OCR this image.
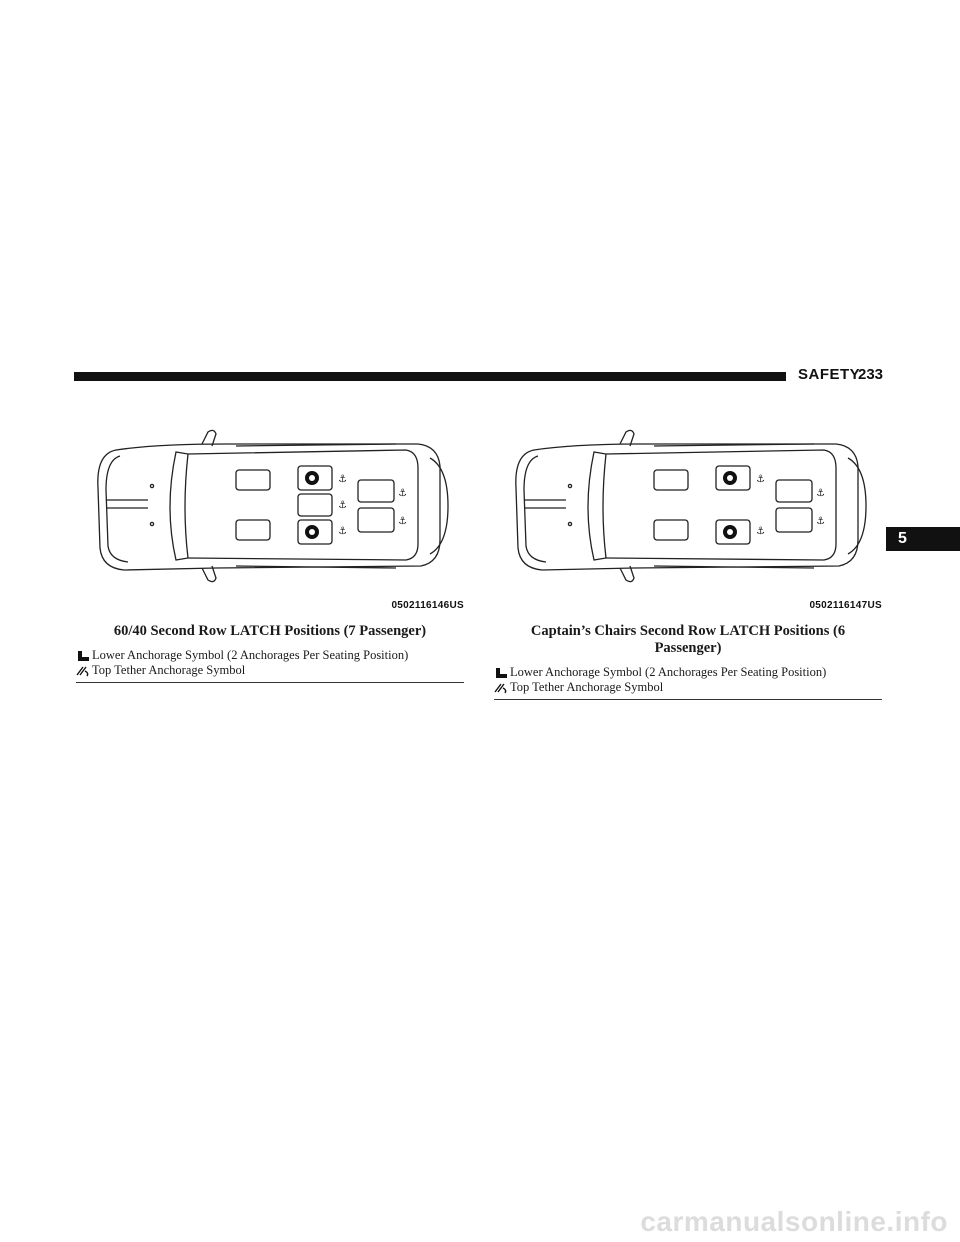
SAFETY
233
5
⚓
⚓
⚓
⚓
⚓
0502116146US
60/40 Second Row LATCH Positions (7 Passenger)
Lower Anchorage Symbol (2 Anchorages Per Seating Position)
Top Tether Anchorage Symbol
⚓
⚓
⚓
⚓
0502116147US
Captain’s Chairs Second Row LATCH Positions (6 Passenger)
Lower Anchorage Symbol (2 Anchorages Per Seating Position)
Top Tether Anchorage Symbol
carmanualsonline.info
